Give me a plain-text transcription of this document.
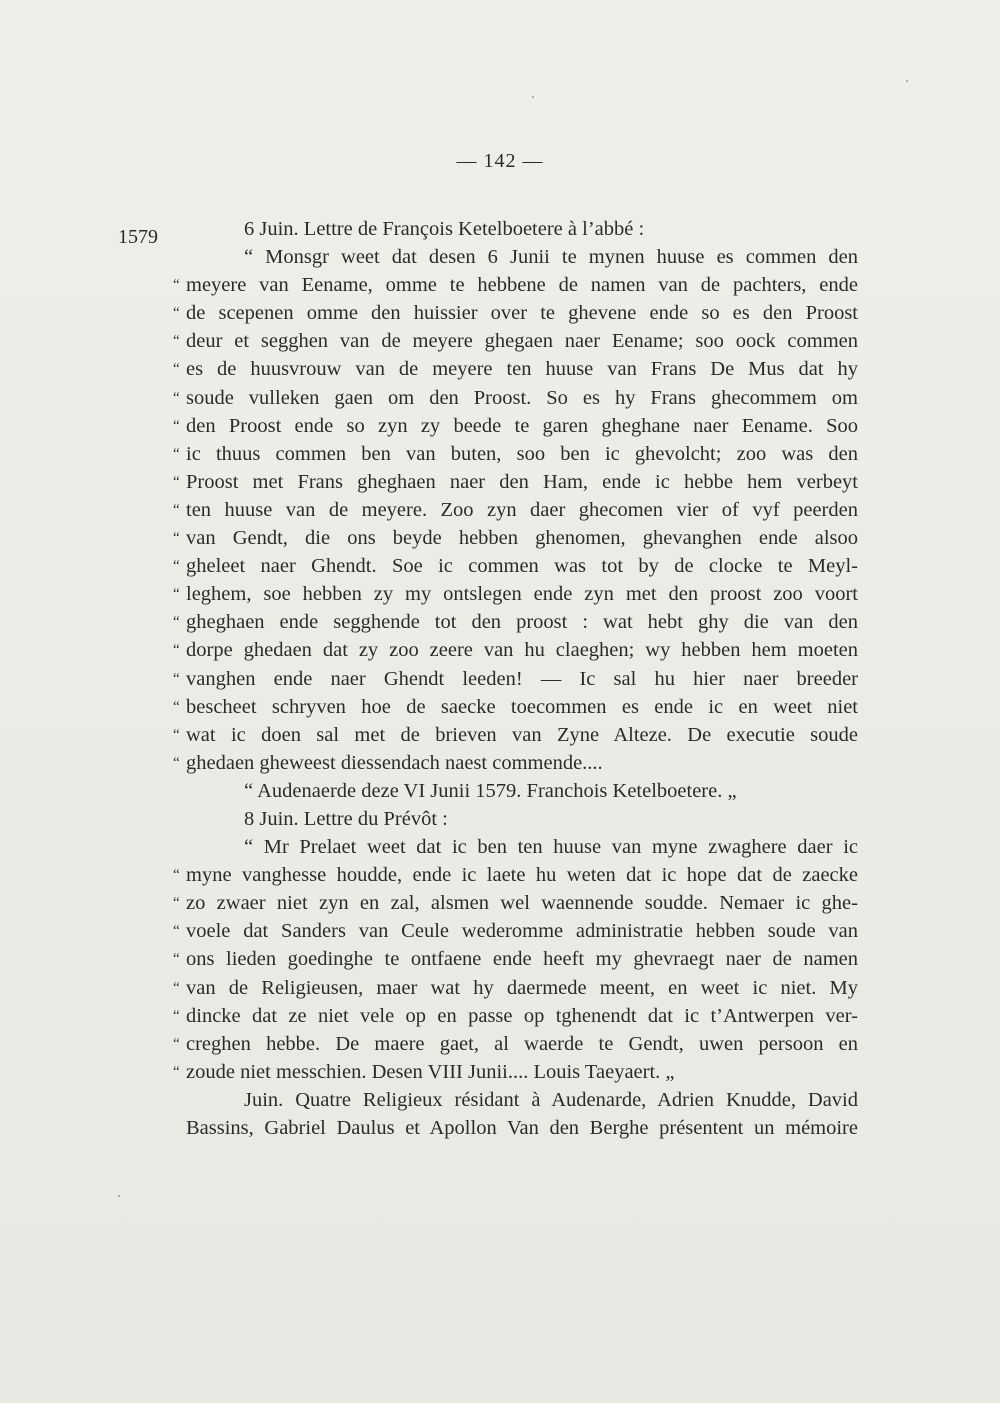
— 142 —
1579	6 Juin. Lettre de François Ketelboetere à l’abbé :
“ Monsgr weet dat desen 6 Junii te mynen huuse es commen den
“ meyere van Eename, omme te hebbene de namen van de pachters, ende
“ de scepenen omme den huissier over te ghevene ende so es den Proost
“ deur et segghen van de meyere ghegaen naer Eename; soo oock commen
“ es de huusvrouw van de meyere ten huuse van Frans De Mus dat hy
“ soude vulleken gaen om den Proost. So es hy Frans ghecommem om
“ den Proost ende so zyn zy beede te garen gheghane naer Eename. Soo
“ ic thuus commen ben van buten, soo ben ic ghevolcht; zoo was den
“ Proost met Frans gheghaen naer den Ham, ende ic hebbe hem verbeyt
“ ten huuse van de meyere. Zoo zyn daer ghecomen vier of vyf peerden
“ van Gendt, die ons beyde hebben ghenomen, ghevanghen ende alsoo
“ gheleet naer Ghendt. Soe ic commen was tot by de clocke te Meyl-
“ leghem, soe hebben zy my ontslegen ende zyn met den proost zoo voort
“ gheghaen ende segghende tot den proost : wat hebt ghy die van den
“ dorpe ghedaen dat zy zoo zeere van hu claeghen; wy hebben hem moeten
“ vanghen ende naer Ghendt leeden! — Ic sal hu hier naer breeder
“ bescheet schryven hoe de saecke toecommen es ende ic en weet niet
“ wat ic doen sal met de brieven van Zyne Alteze. De executie soude
“ ghedaen gheweest diessendach naest commende....
“ Audenaerde deze VI Junii 1579. Franchois Ketelboetere. „
8 Juin. Lettre du Prévôt :
“ Mr Prelaet weet dat ic ben ten huuse van myne zwaghere daer ic
“ myne vanghesse houdde, ende ic laete hu weten dat ic hope dat de zaecke
“ zo zwaer niet zyn en zal, alsmen wel waennende soudde. Nemaer ic ghe-
“ voele dat Sanders van Ceule wederomme administratie hebben soude van
“ ons lieden goedinghe te ontfaene ende heeft my ghevraegt naer de namen
“ van de Religieusen, maer wat hy daermede meent, en weet ic niet. My
“ dincke dat ze niet vele op en passe op tghenendt dat ic t’Antwerpen ver-
“ creghen hebbe. De maere gaet, al waerde te Gendt, uwen persoon en
“ zoude niet messchien. Desen VIII Junii.... Louis Taeyaert. „
Juin. Quatre Religieux résidant à Audenarde, Adrien Knudde, David
Bassins, Gabriel Daulus et Apollon Van den Berghe présentent un mémoire
